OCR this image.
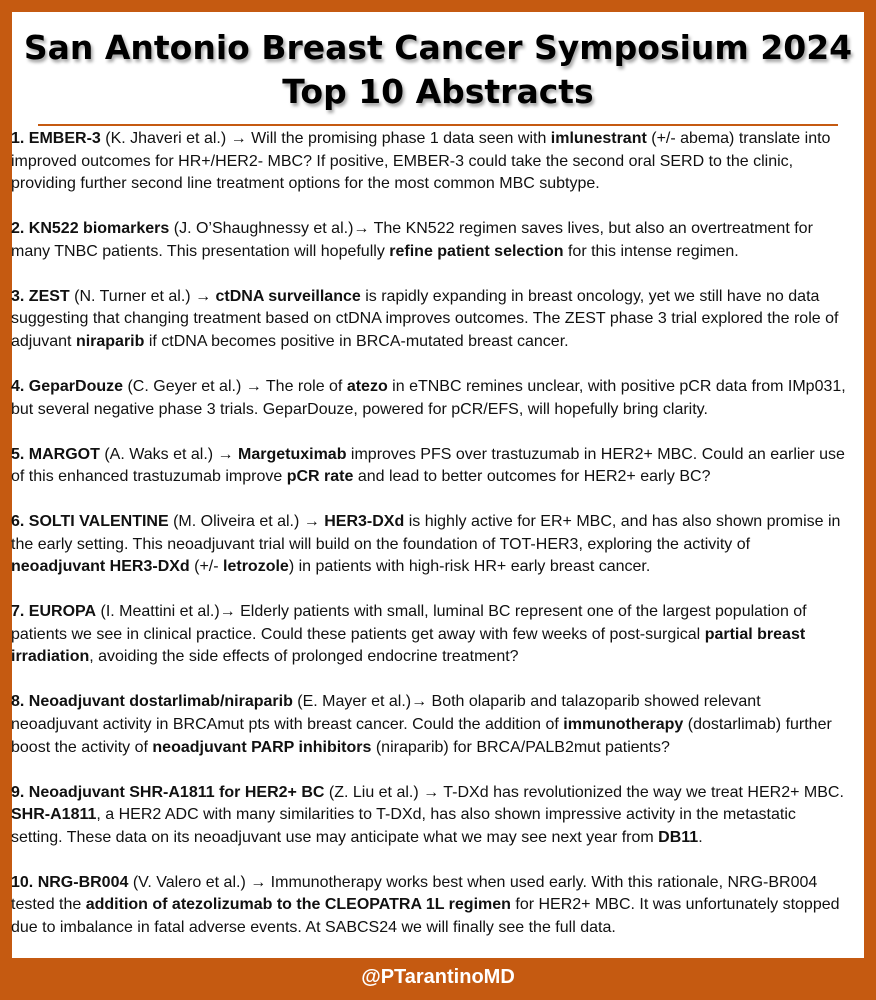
San Antonio Breast Cancer Symposium 2024
Top 10 Abstracts
1. EMBER-3 (K. Jhaveri et al.) → Will the promising phase 1 data seen with imlunestrant (+/- abema) translate into improved outcomes for HR+/HER2- MBC? If positive, EMBER-3 could take the second oral SERD to the clinic, providing further second line treatment options for the most common MBC subtype.
2. KN522 biomarkers (J. O’Shaughnessy et al.)→ The KN522 regimen saves lives, but also an overtreatment for many TNBC patients. This presentation will hopefully refine patient selection for this intense regimen.
3. ZEST (N. Turner et al.) → ctDNA surveillance is rapidly expanding in breast oncology, yet we still have no data suggesting that changing treatment based on ctDNA improves outcomes. The ZEST phase 3 trial explored the role of adjuvant niraparib if ctDNA becomes positive in BRCA-mutated breast cancer.
4. GeparDouze (C. Geyer et al.) → The role of atezo in eTNBC remines unclear, with positive pCR data from IMp031, but several negative phase 3 trials. GeparDouze, powered for pCR/EFS, will hopefully bring clarity.
5. MARGOT (A. Waks et al.) → Margetuximab improves PFS over trastuzumab in HER2+ MBC. Could an earlier use of this enhanced trastuzumab improve pCR rate and lead to better outcomes for HER2+ early BC?
6. SOLTI VALENTINE (M. Oliveira et al.) → HER3-DXd is highly active for ER+ MBC, and has also shown promise in the early setting. This neoadjuvant trial will build on the foundation of TOT-HER3, exploring the activity of neoadjuvant HER3-DXd (+/- letrozole) in patients with high-risk HR+ early breast cancer.
7. EUROPA (I. Meattini et al.)→ Elderly patients with small, luminal BC represent one of the largest population of patients we see in clinical practice. Could these patients get away with few weeks of post-surgical partial breast irradiation, avoiding the side effects of prolonged endocrine treatment?
8. Neoadjuvant dostarlimab/niraparib (E. Mayer et al.)→ Both olaparib and talazoparib showed relevant neoadjuvant activity in BRCAmut pts with breast cancer. Could the addition of immunotherapy (dostarlimab) further boost the activity of neoadjuvant PARP inhibitors (niraparib) for BRCA/PALB2mut patients?
9. Neoadjuvant SHR-A1811 for HER2+ BC (Z. Liu et al.) → T-DXd has revolutionized the way we treat HER2+ MBC. SHR-A1811, a HER2 ADC with many similarities to T-DXd, has also shown impressive activity in the metastatic setting. These data on its neoadjuvant use may anticipate what we may see next year from DB11.
10. NRG-BR004 (V. Valero et al.) → Immunotherapy works best when used early. With this rationale, NRG-BR004 tested the addition of atezolizumab to the CLEOPATRA 1L regimen for HER2+ MBC. It was unfortunately stopped due to imbalance in fatal adverse events. At SABCS24 we will finally see the full data.
@PTarantinoMD
